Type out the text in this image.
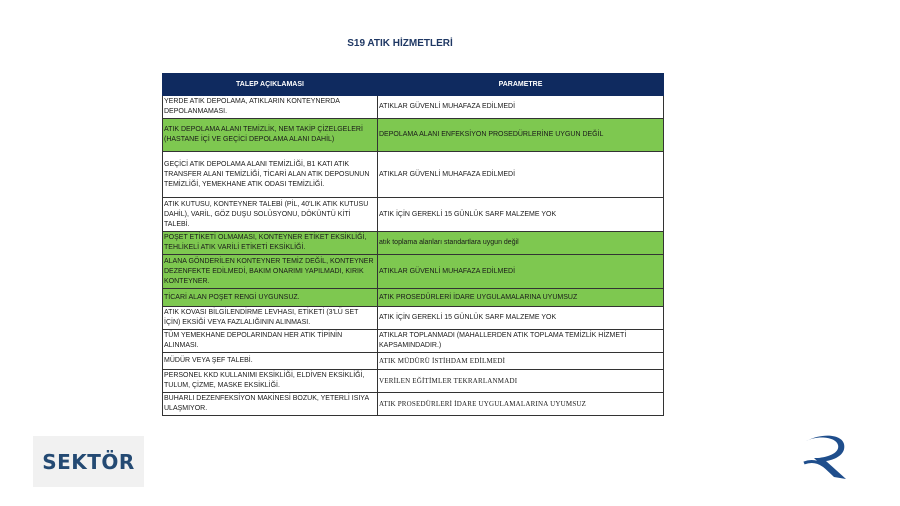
S19 ATIK HİZMETLERİ
TALEP AÇIKLAMASI	PARAMETRE
YERDE ATIK DEPOLAMA, ATIKLARIN KONTEYNERDA DEPOLANMAMASI.	ATIKLAR GÜVENLİ MUHAFAZA EDİLMEDİ
ATIK DEPOLAMA ALANI TEMİZLİK, NEM TAKİP ÇİZELGELERİ (HASTANE İÇİ VE GEÇİCİ DEPOLAMA ALANI DAHİL)	DEPOLAMA ALANI ENFEKSİYON PROSEDÜRLERİNE UYGUN DEĞİL
GEÇİCİ ATIK DEPOLAMA ALANI TEMİZLİĞİ, B1 KATI ATIK TRANSFER ALANI TEMİZLİĞİ, TİCARİ ALAN ATIK DEPOSUNUN TEMİZLİĞİ, YEMEKHANE ATIK ODASI TEMİZLİĞİ.	ATIKLAR GÜVENLİ MUHAFAZA EDİLMEDİ
ATIK KUTUSU, KONTEYNER TALEBİ (PİL, 40'LIK ATIK KUTUSU DAHİL), VARİL, GÖZ DUŞU SOLÜSYONU, DÖKÜNTÜ KİTİ TALEBİ.	ATIK İÇİN GEREKLİ 15 GÜNLÜK SARF MALZEME YOK
POŞET ETİKETİ OLMAMASI, KONTEYNER ETİKET EKSİKLİĞİ, TEHLİKELİ ATIK VARİLİ ETİKETİ EKSİKLİĞİ.	atık toplama alanları standartlara uygun değil
ALANA GÖNDERİLEN KONTEYNER TEMİZ DEĞİL, KONTEYNER DEZENFEKTE EDİLMEDİ, BAKIM ONARIMI YAPILMADI, KIRIK KONTEYNER.	ATIKLAR GÜVENLİ MUHAFAZA EDİLMEDİ
TİCARİ ALAN POŞET RENGİ UYGUNSUZ.	ATIK PROSEDÜRLERİ İDARE UYGULAMALARINA UYUMSUZ
ATIK KOVASI BİLGİLENDİRME LEVHASI, ETİKETİ (3'LÜ SET İÇİN) EKSİĞİ VEYA FAZLALIĞININ ALINMASI.	ATIK İÇİN GEREKLİ 15 GÜNLÜK SARF MALZEME YOK
TÜM YEMEKHANE DEPOLARINDAN HER ATIK TİPİNİN ALINMASI.	ATIKLAR TOPLANMADI (MAHALLERDEN ATIK TOPLAMA TEMİZLİK HİZMETİ KAPSAMINDADIR.)
MÜDÜR VEYA ŞEF TALEBİ.	ATIK MÜDÜRÜ İSTİHDAM EDİLMEDİ
PERSONEL KKD KULLANIMI EKSİKLİĞİ, ELDİVEN EKSİKLİĞİ, TULUM, ÇİZME, MASKE EKSİKLİĞİ.	VERİLEN EĞİTİMLER TEKRARLANMADI
BUHARLI DEZENFEKSİYON MAKİNESİ BOZUK, YETERLİ ISIYA ULAŞMIYOR.	ATIK PROSEDÜRLERİ İDARE UYGULAMALARINA UYUMSUZ
SEKTÖR
